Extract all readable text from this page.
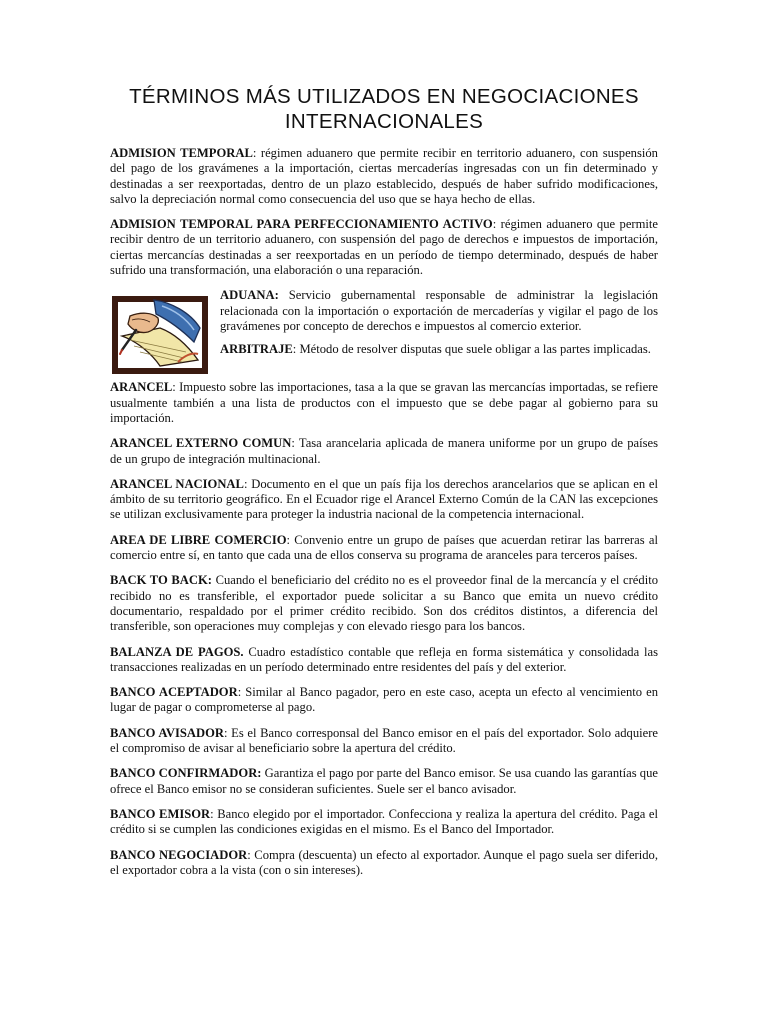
TÉRMINOS MÁS UTILIZADOS EN NEGOCIACIONES
INTERNACIONALES

ADMISION TEMPORAL: régimen aduanero que permite recibir en territorio aduanero, con suspensión del pago de los gravámenes a la importación, ciertas mercaderías ingresadas con un fin determinado y destinadas a ser reexportadas, dentro de un plazo establecido, después de haber sufrido modificaciones, salvo la depreciación normal como consecuencia del uso que se haya hecho de ellas.

ADMISION TEMPORAL PARA PERFECCIONAMIENTO ACTIVO: régimen aduanero que permite recibir dentro de un territorio aduanero, con suspensión del pago de derechos e impuestos de importación, ciertas mercancías destinadas a ser reexportadas en un período de tiempo determinado, después de haber sufrido una transformación, una elaboración o una reparación.

ADUANA: Servicio gubernamental responsable de administrar la legislación relacionada con la importación o exportación de mercaderías y vigilar el pago de los gravámenes por concepto de derechos e impuestos al comercio exterior.

ARBITRAJE: Método de resolver disputas que suele obligar a las partes implicadas.

ARANCEL: Impuesto sobre las importaciones, tasa a la que se gravan las mercancías importadas, se refiere usualmente también a una lista de productos con el impuesto que se debe pagar al gobierno para su importación.

ARANCEL EXTERNO COMUN: Tasa arancelaria aplicada de manera uniforme por un grupo de países de un grupo de integración multinacional.

ARANCEL NACIONAL: Documento en el que un país fija los derechos arancelarios que se aplican en el ámbito de su territorio geográfico. En el Ecuador rige el Arancel Externo Común de la CAN las excepciones se utilizan exclusivamente para proteger la industria nacional de la competencia internacional.

AREA DE LIBRE COMERCIO: Convenio entre un grupo de países que acuerdan retirar las barreras al comercio entre sí, en tanto que cada una de ellos conserva su programa de aranceles para terceros países.

BACK TO BACK: Cuando el beneficiario del crédito no es el proveedor final de la mercancía y el crédito recibido no es transferible, el exportador puede solicitar a su Banco que emita un nuevo crédito documentario, respaldado por el primer crédito recibido. Son dos créditos distintos, a diferencia del transferible, son operaciones muy complejas y con elevado riesgo para los bancos.

BALANZA DE PAGOS. Cuadro estadístico contable que refleja en forma sistemática y consolidada las transacciones realizadas en un período determinado entre residentes del país y del exterior.

BANCO ACEPTADOR: Similar al Banco pagador, pero en este caso, acepta un efecto al vencimiento en lugar de pagar o comprometerse al pago.

BANCO AVISADOR: Es el Banco corresponsal del Banco emisor en el país del exportador. Solo adquiere el compromiso de avisar al beneficiario sobre la apertura del crédito.

BANCO CONFIRMADOR: Garantiza el pago por parte del Banco emisor. Se usa cuando las garantías que ofrece el Banco emisor no se consideran suficientes. Suele ser el banco avisador.

BANCO EMISOR: Banco elegido por el importador. Confecciona y realiza la apertura del crédito. Paga el crédito si se cumplen las condiciones exigidas en el mismo. Es el Banco del Importador.

BANCO NEGOCIADOR: Compra (descuenta) un efecto al exportador. Aunque el pago suela ser diferido, el exportador cobra a la vista (con o sin intereses).
